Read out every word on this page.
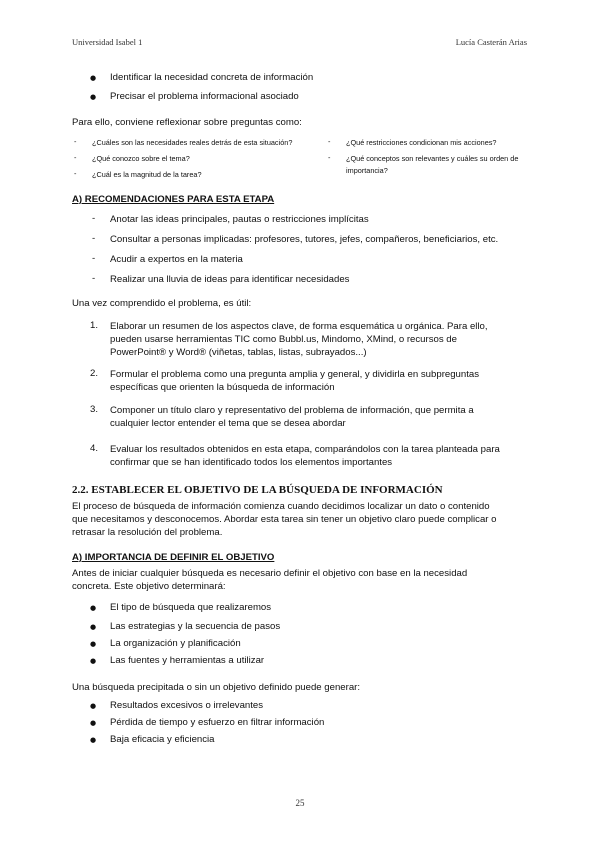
Universidad Isabel 1	Lucía Casterán Arias
● Identificar la necesidad concreta de información
● Precisar el problema informacional asociado
Para ello, conviene reflexionar sobre preguntas como:
- ¿Cuáles son las necesidades reales detrás de esta situación?
- ¿Qué conozco sobre el tema?
- ¿Cuál es la magnitud de la tarea?
- ¿Qué restricciones condicionan mis acciones?
- ¿Qué conceptos son relevantes y cuáles su orden de
importancia?
A) RECOMENDACIONES PARA ESTA ETAPA
- Anotar las ideas principales, pautas o restricciones implícitas
- Consultar a personas implicadas: profesores, tutores, jefes, compañeros, beneficiarios, etc.
- Acudir a expertos en la materia
- Realizar una lluvia de ideas para identificar necesidades
Una vez comprendido el problema, es útil:
1. Elaborar un resumen de los aspectos clave, de forma esquemática u orgánica. Para ello,
pueden usarse herramientas TIC como Bubbl.us, Mindomo, XMind, o recursos de
PowerPoint® y Word® (viñetas, tablas, listas, subrayados...)
2. Formular el problema como una pregunta amplia y general, y dividirla en subpreguntas
específicas que orienten la búsqueda de información
3. Componer un título claro y representativo del problema de información, que permita a
cualquier lector entender el tema que se desea abordar
4. Evaluar los resultados obtenidos en esta etapa, comparándolos con la tarea planteada para
confirmar que se han identificado todos los elementos importantes
2.2. ESTABLECER EL OBJETIVO DE LA BÚSQUEDA DE INFORMACIÓN
El proceso de búsqueda de información comienza cuando decidimos localizar un dato o contenido
que necesitamos y desconocemos. Abordar esta tarea sin tener un objetivo claro puede complicar o
retrasar la resolución del problema.
A) IMPORTANCIA DE DEFINIR EL OBJETIVO
Antes de iniciar cualquier búsqueda es necesario definir el objetivo con base en la necesidad
concreta. Este objetivo determinará:
● El tipo de búsqueda que realizaremos
● Las estrategias y la secuencia de pasos
● La organización y planificación
● Las fuentes y herramientas a utilizar
Una búsqueda precipitada o sin un objetivo definido puede generar:
● Resultados excesivos o irrelevantes
● Pérdida de tiempo y esfuerzo en filtrar información
● Baja eficacia y eficiencia
25
